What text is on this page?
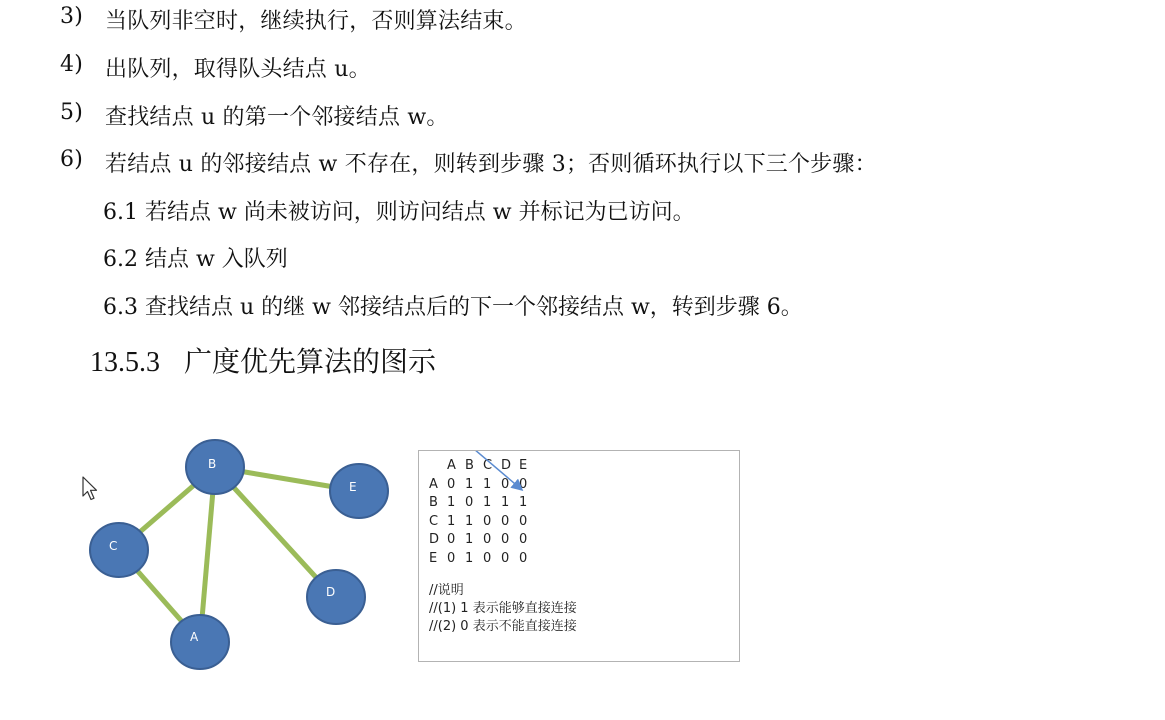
3) 当队列非空时，继续执行，否则算法结束。
4) 出队列，取得队头结点 u。
5) 查找结点 u 的第一个邻接结点 w。
6) 若结点 u 的邻接结点 w 不存在，则转到步骤 3；否则循环执行以下三个步骤：
6.1 若结点 w 尚未被访问，则访问结点 w 并标记为已访问。
6.2 结点 w 入队列
6.3 查找结点 u 的继 w 邻接结点后的下一个邻接结点 w，转到步骤 6。
13.5.3 广度优先算法的图示
B
E
C
D
A
A B C D E
A 0 1 1 0 0
B 1 0 1 1 1
C 1 1 0 0 0
D 0 1 0 0 0
E 0 1 0 0 0
//说明
//(1) 1 表示能够直接连接
//(2) 0 表示不能直接连接
